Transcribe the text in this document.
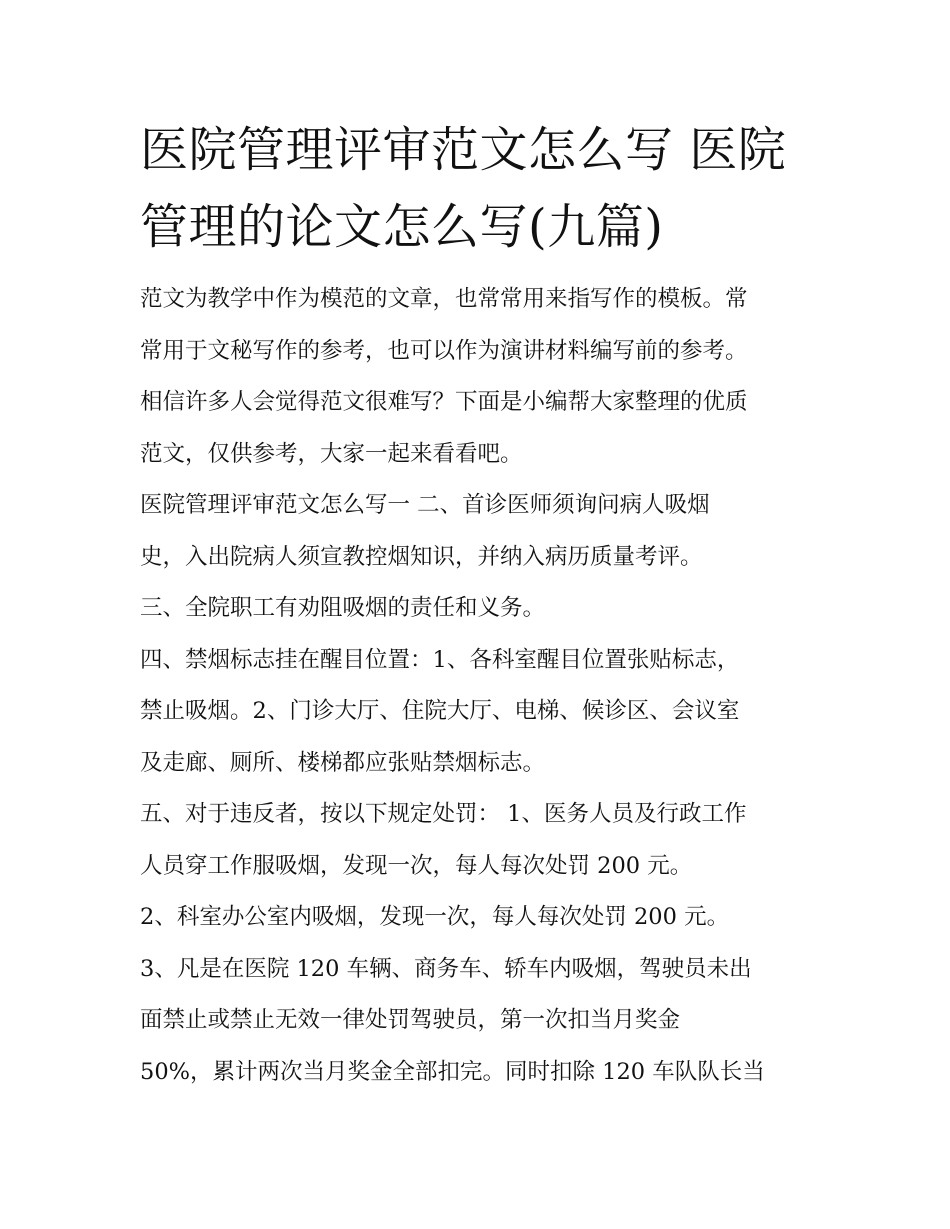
医院管理评审范文怎么写 医院
管理的论文怎么写(九篇)
范文为教学中作为模范的文章，也常常用来指写作的模板。常
常用于文秘写作的参考，也可以作为演讲材料编写前的参考。
相信许多人会觉得范文很难写？下面是小编帮大家整理的优质
范文，仅供参考，大家一起来看看吧。
医院管理评审范文怎么写一 二、首诊医师须询问病人吸烟
史，入出院病人须宣教控烟知识，并纳入病历质量考评。
三、全院职工有劝阻吸烟的责任和义务。
四、禁烟标志挂在醒目位置：1、各科室醒目位置张贴标志，
禁止吸烟。2、门诊大厅、住院大厅、电梯、候诊区、会议室
及走廊、厕所、楼梯都应张贴禁烟标志。
五、对于违反者，按以下规定处罚： 1、医务人员及行政工作
人员穿工作服吸烟，发现一次，每人每次处罚 200 元。
2、科室办公室内吸烟，发现一次，每人每次处罚 200 元。
3、凡是在医院 120 车辆、商务车、轿车内吸烟，驾驶员未出
面禁止或禁止无效一律处罚驾驶员，第一次扣当月奖金
50%，累计两次当月奖金全部扣完。同时扣除 120 车队队长当
